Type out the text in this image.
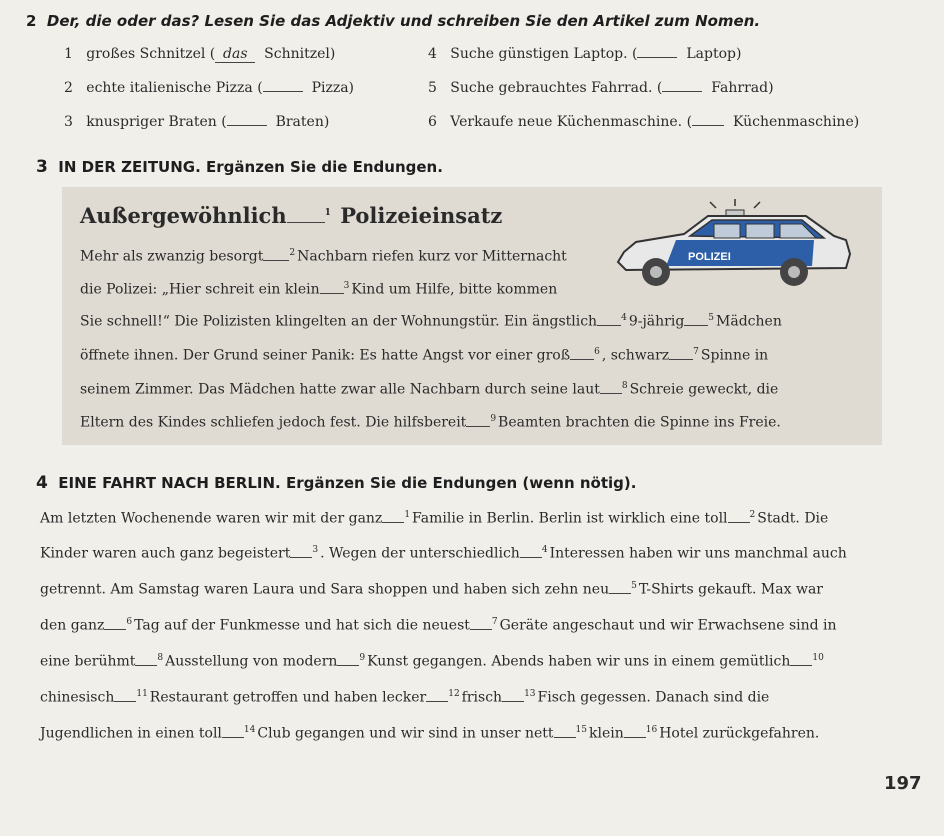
2 Der, die oder das? Lesen Sie das Adjektiv und schreiben Sie den Artikel zum Nomen.
1 großes Schnitzel ( das Schnitzel)
2 echte italienische Pizza (	Pizza)
3 knuspriger Braten (	Braten)
4 Suche günstigen Laptop. (	Laptop)
5 Suche gebrauchtes Fahrrad. (	Fahrrad)
6 Verkaufe neue Küchenmaschine. (	Küchenmaschine)
3 IN DER ZEITUNG. Ergänzen Sie die Endungen.
Außergewöhnlich	$^1$ Polizeieinsatz
POLIZEI
Mehr als zwanzig besorgt	$^2$ Nachbarn riefen kurz vor Mitternacht
die Polizei: „Hier schreit ein klein	$^3$ Kind um Hilfe, bitte kommen
Sie schnell!“ Die Polizisten klingelten an der Wohnungstür. Ein ängstlich	$^4$ 9-jährig	$^5$ Mädchen
öffnete ihnen. Der Grund seiner Panik: Es hatte Angst vor einer groß	$^6$ , schwarz	$^7$ Spinne in
seinem Zimmer. Das Mädchen hatte zwar alle Nachbarn durch seine laut $^8$ Schreie geweckt, die
Eltern des Kindes schliefen jedoch fest. Die hilfsbereit	$^9$ Beamten brachten die Spinne ins Freie.
4 EINE FAHRT NACH BERLIN. Ergänzen Sie die Endungen (wenn nötig).
Am letzten Wochenende waren wir mit der ganz $^1$ Familie in Berlin. Berlin ist wirklich eine toll $^2$ Stadt. Die
Kinder waren auch ganz begeistert $^3$ . Wegen der unterschiedlich $^4$ Interessen haben wir uns manchmal auch
getrennt. Am Samstag waren Laura und Sara shoppen und haben sich zehn neu $^5$ T-Shirts gekauft. Max war
den ganz $^6$ Tag auf der Funkmesse und hat sich die neuest $^7$ Geräte angeschaut und wir Erwachsene sind in
eine berühmt $^8$ Ausstellung von modern $^9$ Kunst gegangen. Abends haben wir uns in einem gemütlich $^{10}$
chinesisch $^{11}$ Restaurant getroffen und haben lecker $^{12}$ frisch $^{13}$ Fisch gegessen. Danach sind die
Jugendlichen in einen toll $^{14}$ Club gegangen und wir sind in unser nett $^{15}$ klein $^{16}$ Hotel zurückgefahren.
197
